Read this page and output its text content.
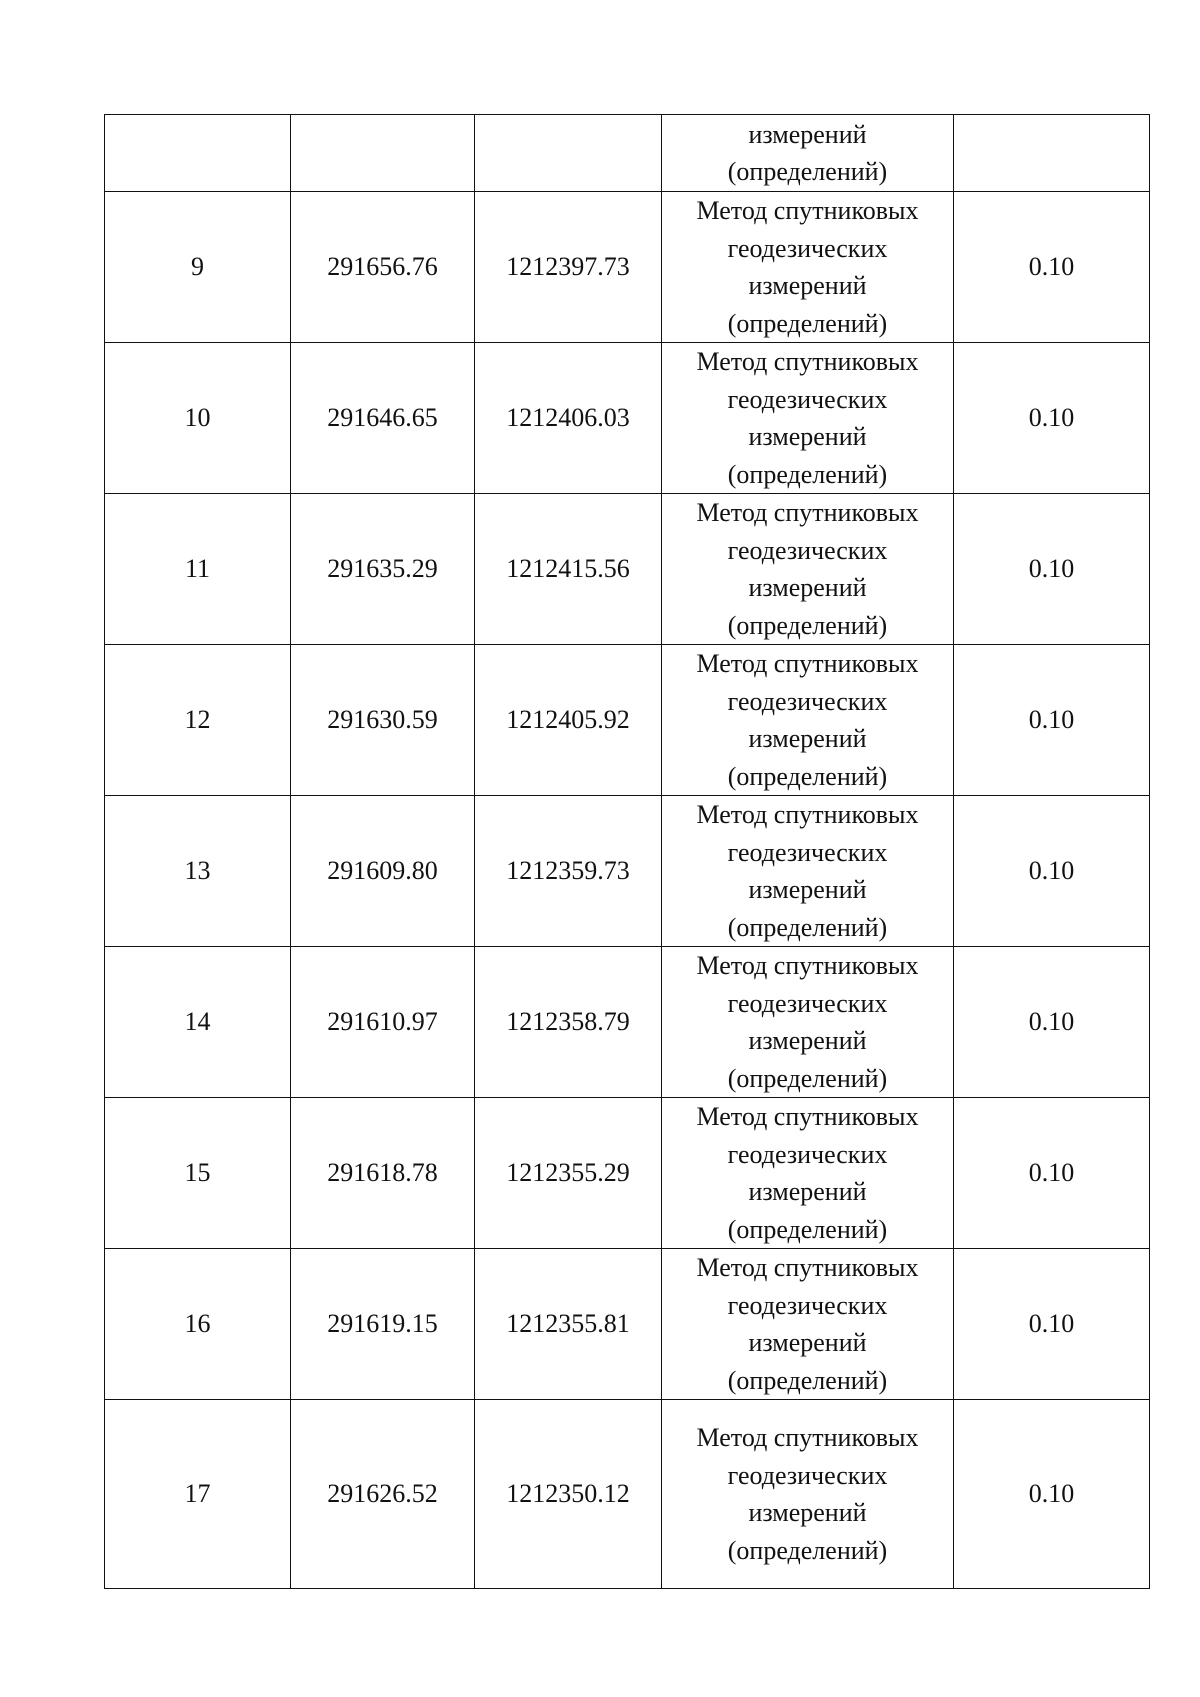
			измерений
(определений)	

9	291656.76	1212397.73	Метод спутниковых
геодезических
измерений
(определений)	0.10
10	291646.65	1212406.03	Метод спутниковых
геодезических
измерений
(определений)	0.10
11	291635.29	1212415.56	Метод спутниковых
геодезических
измерений
(определений)	0.10
12	291630.59	1212405.92	Метод спутниковых
геодезических
измерений
(определений)	0.10
13	291609.80	1212359.73	Метод спутниковых
геодезических
измерений
(определений)	0.10
14	291610.97	1212358.79	Метод спутниковых
геодезических
измерений
(определений)	0.10
15	291618.78	1212355.29	Метод спутниковых
геодезических
измерений
(определений)	0.10
16	291619.15	1212355.81	Метод спутниковых
геодезических
измерений
(определений)	0.10
17	291626.52	1212350.12	Метод спутниковых
геодезических
измерений
(определений)	0.10
